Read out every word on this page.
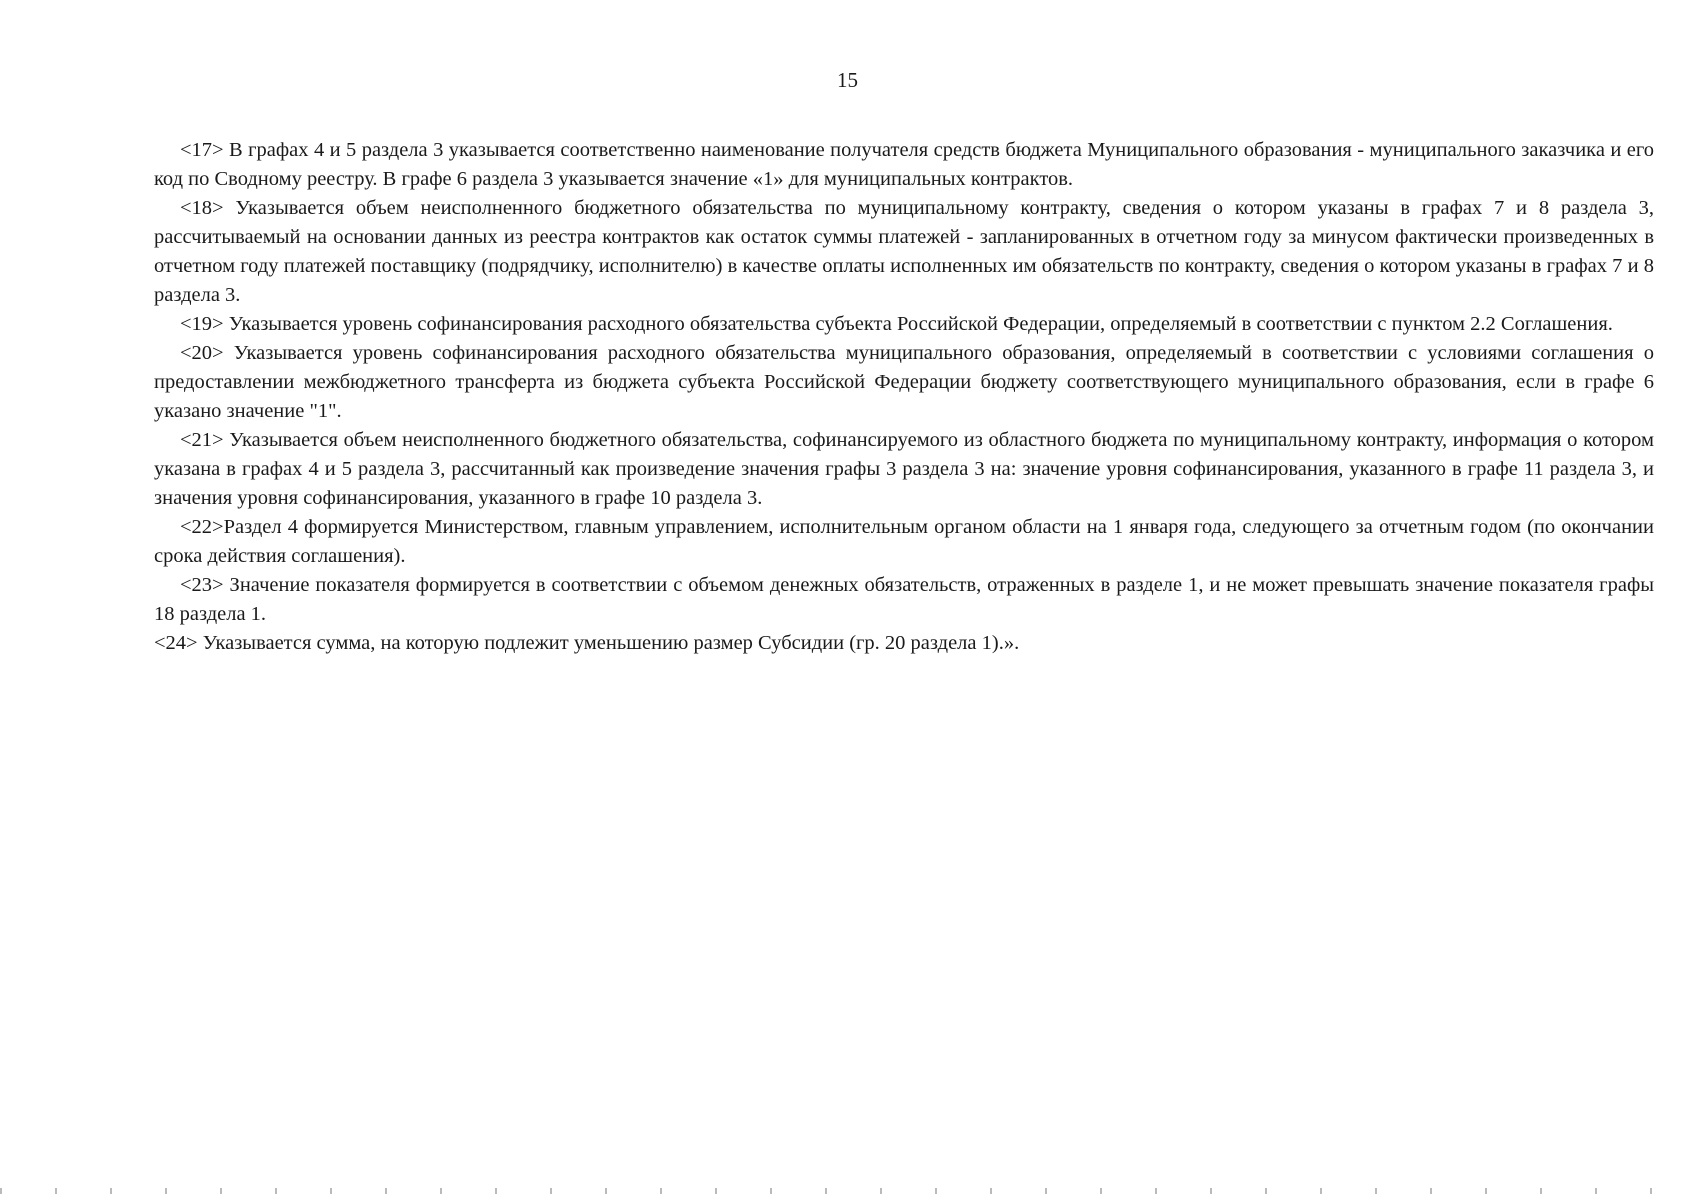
15

<17> В графах 4 и 5 раздела 3 указывается соответственно наименование получателя средств бюджета Муниципального образования - муниципального заказчика и его код по Сводному реестру. В графе 6 раздела 3 указывается значение «1» для муниципальных контрактов.

<18> Указывается объем неисполненного бюджетного обязательства по муниципальному контракту, сведения о котором указаны в графах 7 и 8 раздела 3, рассчитываемый на основании данных из реестра контрактов как остаток суммы платежей - запланированных в отчетном году за минусом фактически произведенных в отчетном году платежей поставщику (подрядчику, исполнителю) в качестве оплаты исполненных им обязательств по контракту, сведения о котором указаны в графах 7 и 8 раздела 3.

<19> Указывается уровень софинансирования расходного обязательства субъекта Российской Федерации, определяемый в соответствии с пунктом 2.2 Соглашения.

<20> Указывается уровень софинансирования расходного обязательства муниципального образования, определяемый в соответствии с условиями соглашения о предоставлении межбюджетного трансферта из бюджета субъекта Российской Федерации бюджету соответствующего муниципального образования, если в графе 6 указано значение "1".

<21> Указывается объем неисполненного бюджетного обязательства, софинансируемого из областного бюджета по муниципальному контракту, информация о котором указана в графах 4 и 5 раздела 3, рассчитанный как произведение значения графы 3 раздела 3 на: значение уровня софинансирования, указанного в графе 11 раздела 3, и значения уровня софинансирования, указанного в графе 10 раздела 3.

<22>Раздел 4 формируется Министерством, главным управлением, исполнительным органом области на 1 января года, следующего за отчетным годом (по окончании срока действия соглашения).

<23> Значение показателя формируется в соответствии с объемом денежных обязательств, отраженных в разделе 1, и не может превышать значение показателя графы 18 раздела 1.

<24> Указывается сумма, на которую подлежит уменьшению размер Субсидии (гр. 20 раздела 1).».
